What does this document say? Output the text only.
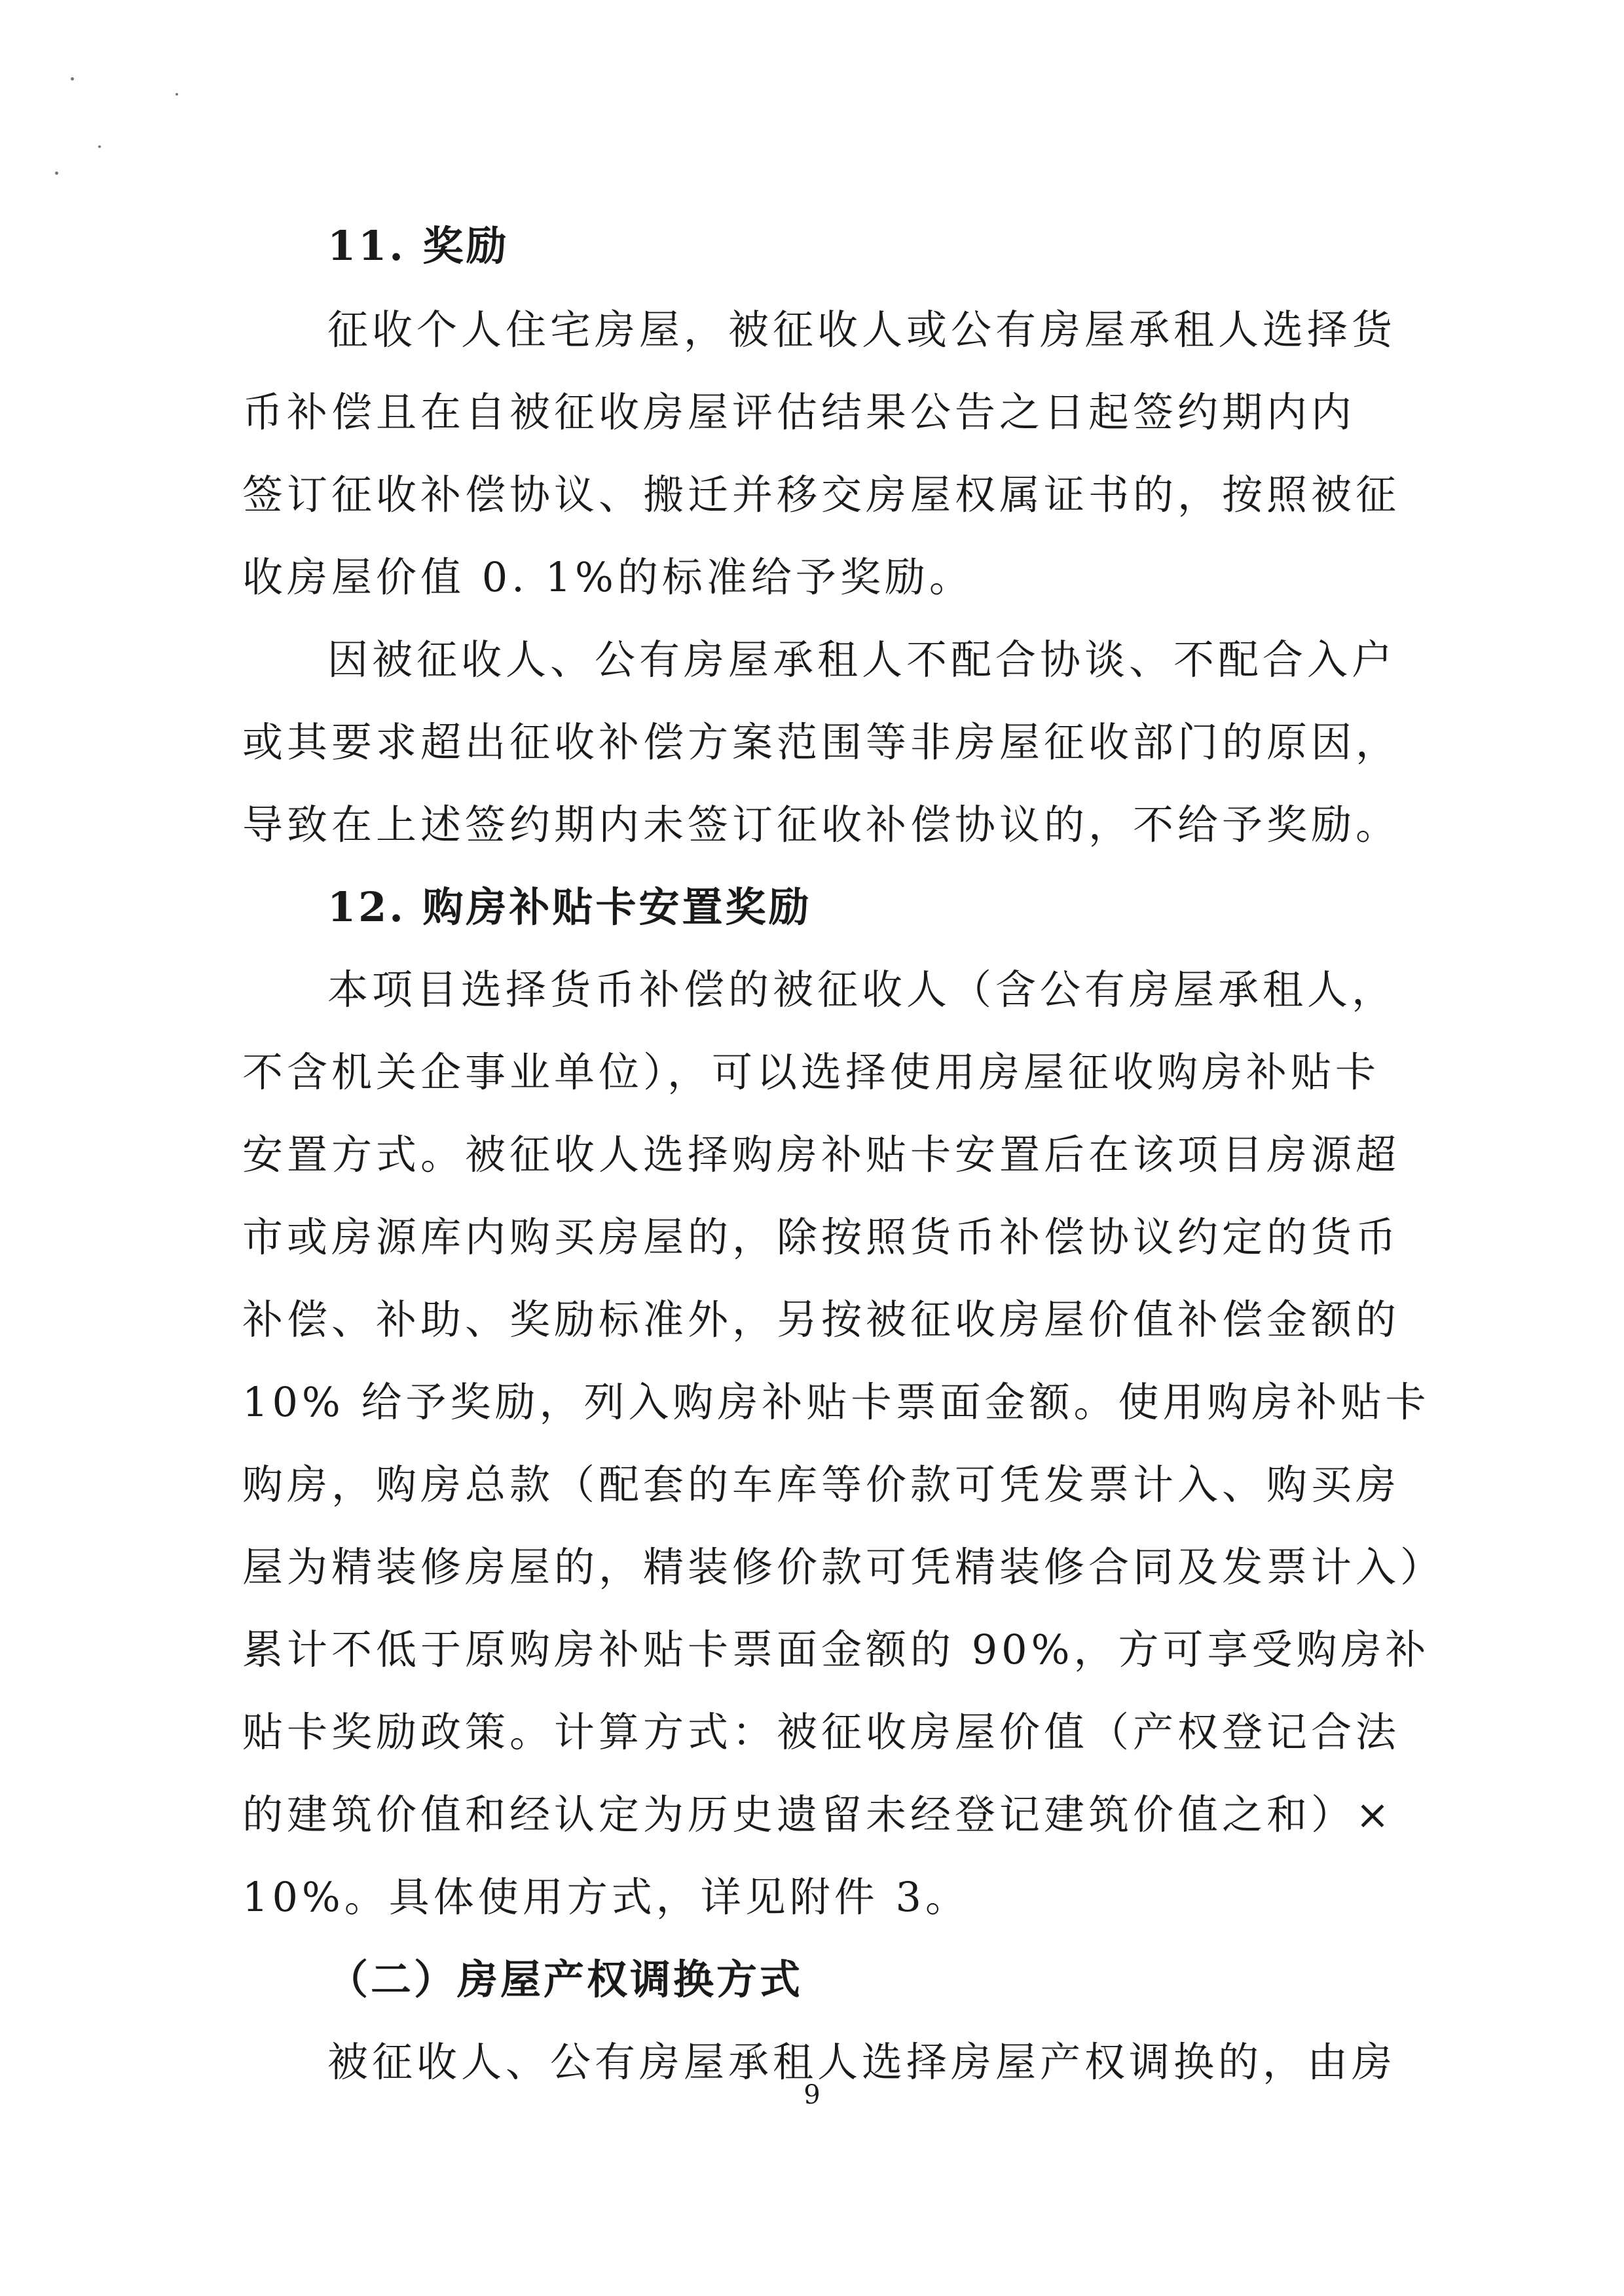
11. 奖励
征收个人住宅房屋，被征收人或公有房屋承租人选择货
币补偿且在自被征收房屋评估结果公告之日起签约期内内
签订征收补偿协议、搬迁并移交房屋权属证书的，按照被征
收房屋价值 0. 1%的标准给予奖励。
因被征收人、公有房屋承租人不配合协谈、不配合入户
或其要求超出征收补偿方案范围等非房屋征收部门的原因，
导致在上述签约期内未签订征收补偿协议的，不给予奖励。
12. 购房补贴卡安置奖励
本项目选择货币补偿的被征收人（含公有房屋承租人，
不含机关企事业单位），可以选择使用房屋征收购房补贴卡
安置方式。被征收人选择购房补贴卡安置后在该项目房源超
市或房源库内购买房屋的，除按照货币补偿协议约定的货币
补偿、补助、奖励标准外，另按被征收房屋价值补偿金额的
10% 给予奖励，列入购房补贴卡票面金额。使用购房补贴卡
购房，购房总款（配套的车库等价款可凭发票计入、购买房
屋为精装修房屋的，精装修价款可凭精装修合同及发票计入）
累计不低于原购房补贴卡票面金额的 90%，方可享受购房补
贴卡奖励政策。计算方式：被征收房屋价值（产权登记合法
的建筑价值和经认定为历史遗留未经登记建筑价值之和）×
10%。具体使用方式，详见附件 3。
（二）房屋产权调换方式
被征收人、公有房屋承租人选择房屋产权调换的，由房
9
